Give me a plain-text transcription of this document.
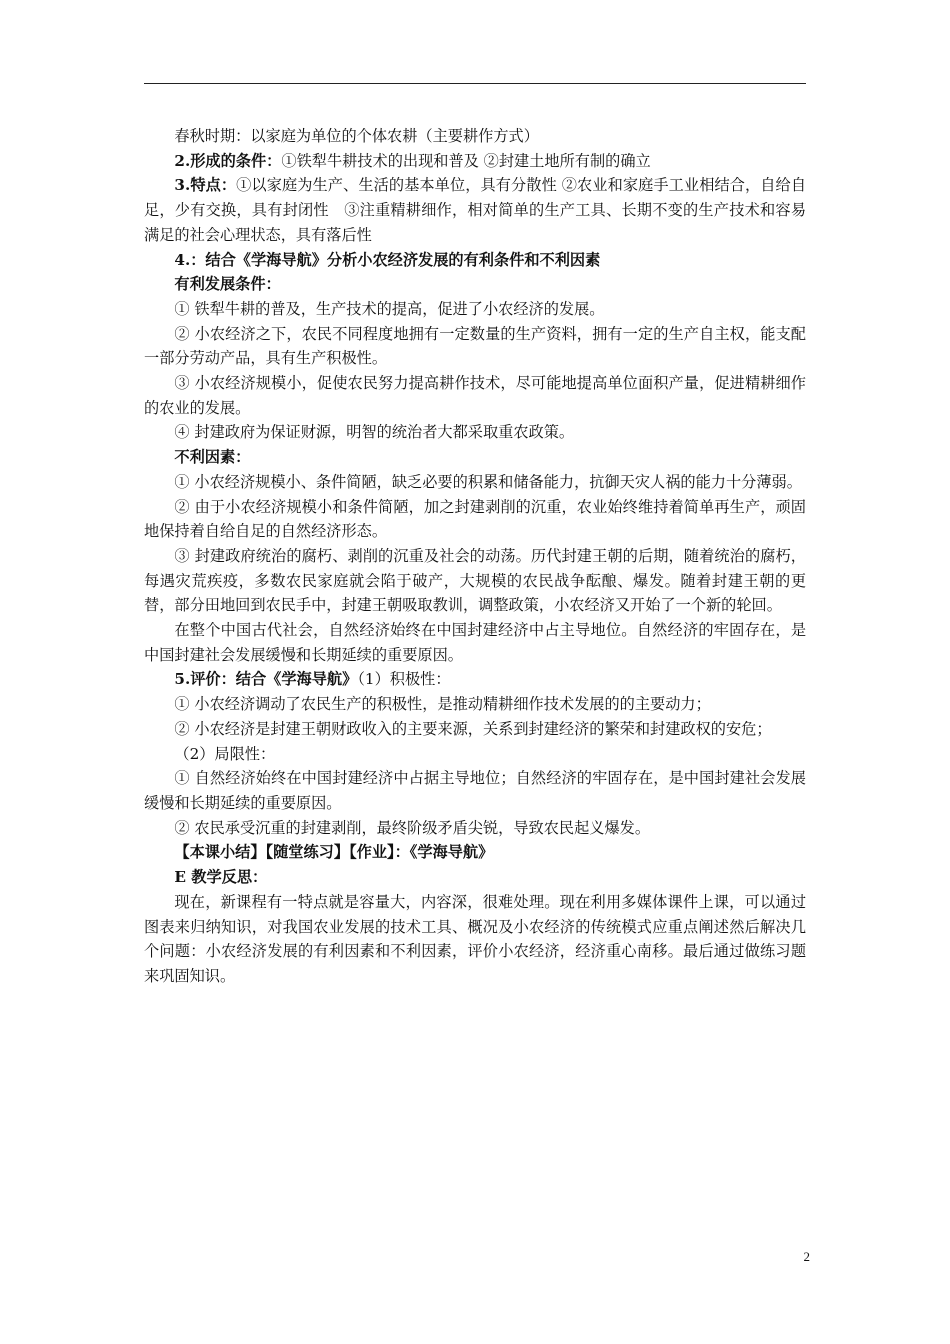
春秋时期：以家庭为单位的个体农耕（主要耕作方式）

2.形成的条件：①铁犁牛耕技术的出现和普及 ②封建土地所有制的确立

3.特点：①以家庭为生产、生活的基本单位，具有分散性 ②农业和家庭手工业相结合，自给自足，少有交换，具有封闭性　③注重精耕细作，相对简单的生产工具、长期不变的生产技术和容易满足的社会心理状态，具有落后性

4.：结合《学海导航》分析小农经济发展的有利条件和不利因素

有利发展条件：

① 铁犁牛耕的普及，生产技术的提高，促进了小农经济的发展。

② 小农经济之下，农民不同程度地拥有一定数量的生产资料，拥有一定的生产自主权，能支配一部分劳动产品，具有生产积极性。

③ 小农经济规模小，促使农民努力提高耕作技术，尽可能地提高单位面积产量，促进精耕细作的农业的发展。

④ 封建政府为保证财源，明智的统治者大都采取重农政策。

不利因素：

① 小农经济规模小、条件简陋，缺乏必要的积累和储备能力，抗御天灾人祸的能力十分薄弱。

② 由于小农经济规模小和条件简陋，加之封建剥削的沉重，农业始终维持着简单再生产，顽固地保持着自给自足的自然经济形态。

③ 封建政府统治的腐朽、剥削的沉重及社会的动荡。历代封建王朝的后期，随着统治的腐朽，每遇灾荒疾疫，多数农民家庭就会陷于破产，大规模的农民战争酝酿、爆发。随着封建王朝的更替，部分田地回到农民手中，封建王朝吸取教训，调整政策，小农经济又开始了一个新的轮回。

在整个中国古代社会，自然经济始终在中国封建经济中占主导地位。自然经济的牢固存在，是中国封建社会发展缓慢和长期延续的重要原因。

5.评价：结合《学海导航》（1）积极性：

① 小农经济调动了农民生产的积极性，是推动精耕细作技术发展的的主要动力；

② 小农经济是封建王朝财政收入的主要来源，关系到封建经济的繁荣和封建政权的安危；

（2）局限性：

① 自然经济始终在中国封建经济中占据主导地位；自然经济的牢固存在，是中国封建社会发展缓慢和长期延续的重要原因。

② 农民承受沉重的封建剥削，最终阶级矛盾尖锐，导致农民起义爆发。

【本课小结】【随堂练习】【作业】：《学海导航》

E 教学反思：

现在，新课程有一特点就是容量大，内容深，很难处理。现在利用多媒体课件上课，可以通过图表来归纳知识，对我国农业发展的技术工具、概况及小农经济的传统模式应重点阐述然后解决几个问题：小农经济发展的有利因素和不利因素，评价小农经济，经济重心南移。最后通过做练习题来巩固知识。

2
